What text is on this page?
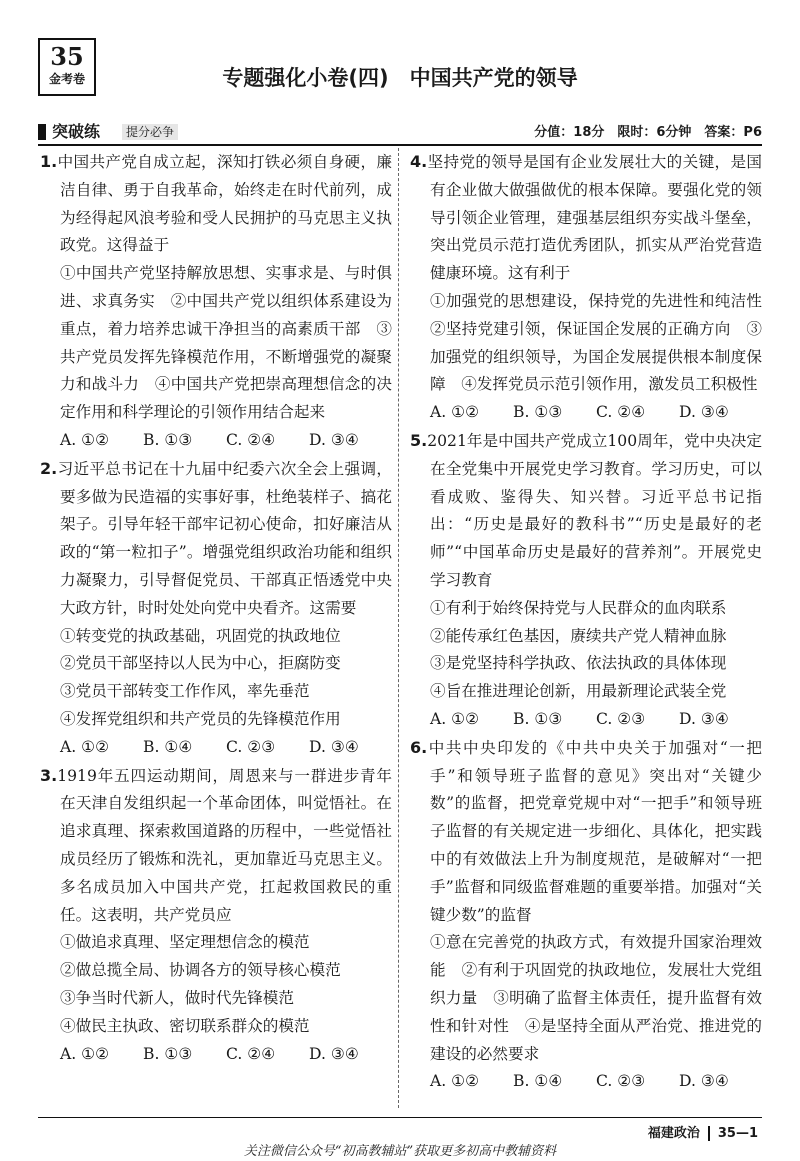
35
金考卷	专题强化小卷(四)　中国共产党的领导
突破练	提分必争	分值：18分　限时：6分钟　答案：P6

1.中国共产党自成立起，深知打铁必须自身硬，廉洁自律、勇于自我革命，始终走在时代前列，成为经得起风浪考验和受人民拥护的马克思主义执政党。这得益于

①中国共产党坚持解放思想、实事求是、与时俱进、求真务实　②中国共产党以组织体系建设为重点，着力培养忠诚干净担当的高素质干部　③共产党员发挥先锋模范作用，不断增强党的凝聚力和战斗力　④中国共产党把崇高理想信念的决定作用和科学理论的引领作用结合起来

A. ①②	B. ①③	C. ②④	D. ③④

2.习近平总书记在十九届中纪委六次全会上强调，要多做为民造福的实事好事，杜绝装样子、搞花架子。引导年轻干部牢记初心使命，扣好廉洁从政的“第一粒扣子”。增强党组织政治功能和组织力凝聚力，引导督促党员、干部真正悟透党中央大政方针，时时处处向党中央看齐。这需要

①转变党的执政基础，巩固党的执政地位

②党员干部坚持以人民为中心，拒腐防变

③党员干部转变工作作风，率先垂范

④发挥党组织和共产党员的先锋模范作用

A. ①②	B. ①④	C. ②③	D. ③④

3.1919年五四运动期间，周恩来与一群进步青年在天津自发组织起一个革命团体，叫觉悟社。在追求真理、探索救国道路的历程中，一些觉悟社成员经历了锻炼和洗礼，更加靠近马克思主义。多名成员加入中国共产党，扛起救国救民的重任。这表明，共产党员应

①做追求真理、坚定理想信念的模范

②做总揽全局、协调各方的领导核心模范

③争当时代新人，做时代先锋模范

④做民主执政、密切联系群众的模范

A. ①②	B. ①③	C. ②④	D. ③④

4.坚持党的领导是国有企业发展壮大的关键，是国有企业做大做强做优的根本保障。要强化党的领导引领企业管理，建强基层组织夯实战斗堡垒，突出党员示范打造优秀团队，抓实从严治党营造健康环境。这有利于

①加强党的思想建设，保持党的先进性和纯洁性　②坚持党建引领，保证国企发展的正确方向　③加强党的组织领导，为国企发展提供根本制度保障　④发挥党员示范引领作用，激发员工积极性

A. ①②	B. ①③	C. ②④	D. ③④

5.2021年是中国共产党成立100周年，党中央决定在全党集中开展党史学习教育。学习历史，可以看成败、鉴得失、知兴替。习近平总书记指出：“历史是最好的教科书”“历史是最好的老师”“中国革命历史是最好的营养剂”。开展党史学习教育

①有利于始终保持党与人民群众的血肉联系

②能传承红色基因，赓续共产党人精神血脉

③是党坚持科学执政、依法执政的具体体现

④旨在推进理论创新，用最新理论武装全党

A. ①②	B. ①③	C. ②③	D. ③④

6.中共中央印发的《中共中央关于加强对“一把手”和领导班子监督的意见》突出对“关键少数”的监督，把党章党规中对“一把手”和领导班子监督的有关规定进一步细化、具体化，把实践中的有效做法上升为制度规范，是破解对“一把手”监督和同级监督难题的重要举措。加强对“关键少数”的监督

①意在完善党的执政方式，有效提升国家治理效能　②有利于巩固党的执政地位，发展壮大党组织力量　③明确了监督主体责任，提升监督有效性和针对性　④是坚持全面从严治党、推进党的建设的必然要求

A. ①②	B. ①④	C. ②③	D. ③④
福建政治 35—1
关注微信公众号“初高教辅站”获取更多初高中教辅资料
